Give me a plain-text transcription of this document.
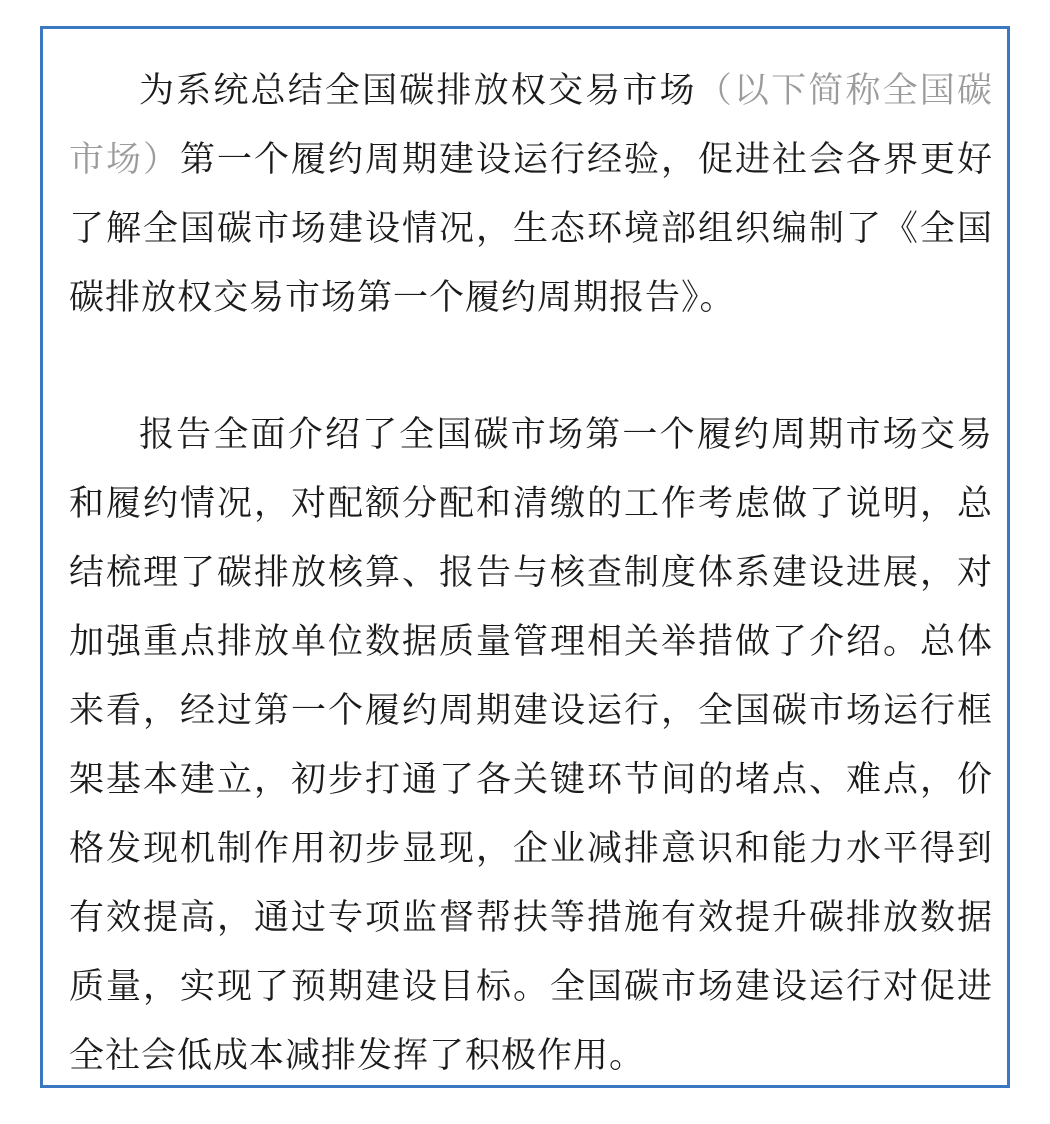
为系统总结全国碳排放权交易市场（以下简称全国碳市场）第一个履约周期建设运行经验，促进社会各界更好了解全国碳市场建设情况，生态环境部组织编制了《全国碳排放权交易市场第一个履约周期报告》。

报告全面介绍了全国碳市场第一个履约周期市场交易和履约情况，对配额分配和清缴的工作考虑做了说明，总结梳理了碳排放核算、报告与核查制度体系建设进展，对加强重点排放单位数据质量管理相关举措做了介绍。总体来看，经过第一个履约周期建设运行，全国碳市场运行框架基本建立，初步打通了各关键环节间的堵点、难点，价格发现机制作用初步显现，企业减排意识和能力水平得到有效提高，通过专项监督帮扶等措施有效提升碳排放数据质量，实现了预期建设目标。全国碳市场建设运行对促进全社会低成本减排发挥了积极作用。
